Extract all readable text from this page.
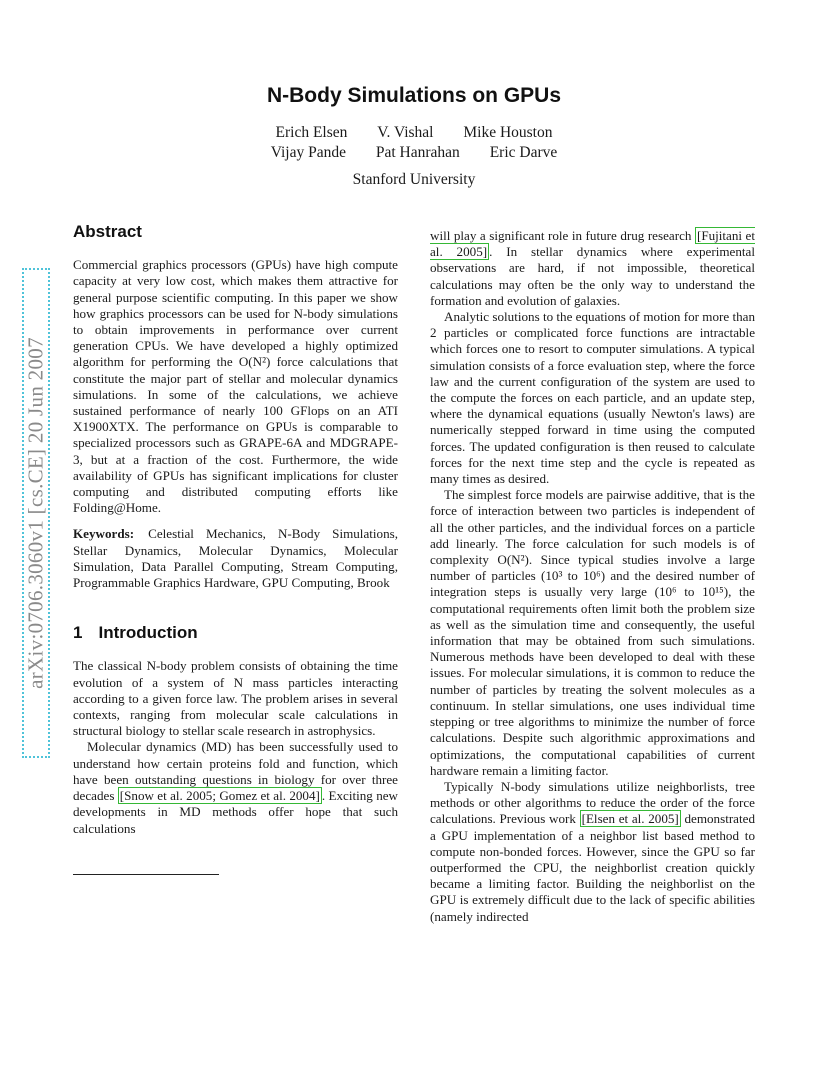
arXiv:0706.3060v1 [cs.CE] 20 Jun 2007
N-Body Simulations on GPUs
Erich Elsen V. Vishal Mike Houston
Vijay Pande Pat Hanrahan Eric Darve
Stanford University
Abstract

Commercial graphics processors (GPUs) have high compute capacity at very low cost, which makes them attractive for general purpose scientific computing. In this paper we show how graphics processors can be used for N-body simulations to obtain improvements in performance over current generation CPUs. We have developed a highly optimized algorithm for performing the O(N²) force calculations that constitute the major part of stellar and molecular dynamics simulations. In some of the calculations, we achieve sustained performance of nearly 100 GFlops on an ATI X1900XTX. The performance on GPUs is comparable to specialized processors such as GRAPE-6A and MDGRAPE-3, but at a fraction of the cost. Furthermore, the wide availability of GPUs has significant implications for cluster computing and distributed computing efforts like Folding@Home.

Keywords: Celestial Mechanics, N-Body Simulations, Stellar Dynamics, Molecular Dynamics, Molecular Simulation, Data Parallel Computing, Stream Computing, Programmable Graphics Hardware, GPU Computing, Brook

1 Introduction

The classical N-body problem consists of obtaining the time evolution of a system of N mass particles interacting according to a given force law. The problem arises in several contexts, ranging from molecular scale calculations in structural biology to stellar scale research in astrophysics.

Molecular dynamics (MD) has been successfully used to understand how certain proteins fold and function, which have been outstanding questions in biology for over three decades [Snow et al. 2005; Gomez et al. 2004] . Exciting new developments in MD methods offer hope that such calculations

will play a significant role in future drug research [Fujitani et al. 2005] . In stellar dynamics where experimental observations are hard, if not impossible, theoretical calculations may often be the only way to understand the formation and evolution of galaxies.

Analytic solutions to the equations of motion for more than 2 particles or complicated force functions are intractable which forces one to resort to computer simulations. A typical simulation consists of a force evaluation step, where the force law and the current configuration of the system are used to the compute the forces on each particle, and an update step, where the dynamical equations (usually Newton's laws) are numerically stepped forward in time using the computed forces. The updated configuration is then reused to calculate forces for the next time step and the cycle is repeated as many times as desired.

The simplest force models are pairwise additive, that is the force of interaction between two particles is independent of all the other particles, and the individual forces on a particle add linearly. The force calculation for such models is of complexity O(N²). Since typical studies involve a large number of particles (10³ to 10⁶) and the desired number of integration steps is usually very large (10⁶ to 10¹⁵), the computational requirements often limit both the problem size as well as the simulation time and consequently, the useful information that may be obtained from such simulations. Numerous methods have been developed to deal with these issues. For molecular simulations, it is common to reduce the number of particles by treating the solvent molecules as a continuum. In stellar simulations, one uses individual time stepping or tree algorithms to minimize the number of force calculations. Despite such algorithmic approximations and optimizations, the computational capabilities of current hardware remain a limiting factor.

Typically N-body simulations utilize neighborlists, tree methods or other algorithms to reduce the order of the force calculations. Previous work [Elsen et al. 2005] demonstrated a GPU implementation of a neighbor list based method to compute non-bonded forces. However, since the GPU so far outperformed the CPU, the neighborlist creation quickly became a limiting factor. Building the neighborlist on the GPU is extremely difficult due to the lack of specific abilities (namely indirected
